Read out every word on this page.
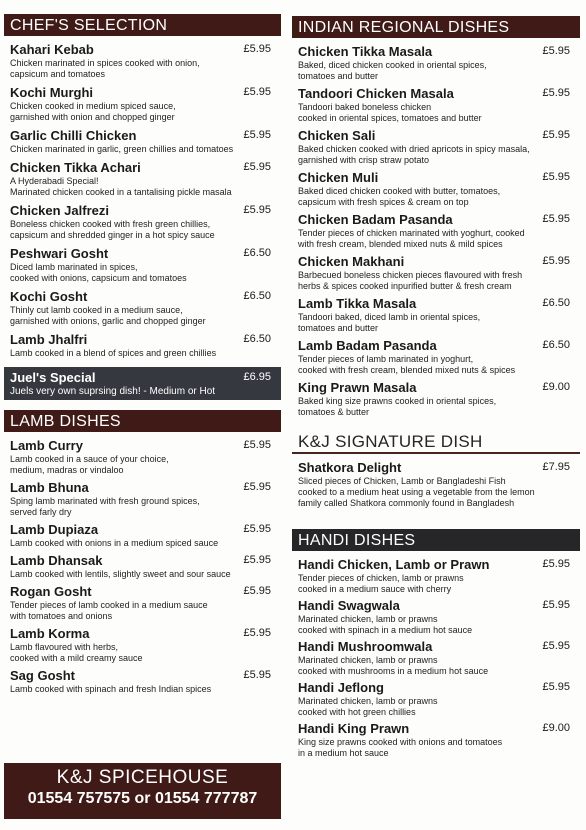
CHEF'S SELECTION
Kahari Kebab	£5.95
Chicken marinated in spices cooked with onion,
capsicum and tomatoes
Kochi Murghi	£5.95
Chicken cooked in medium spiced sauce,
garnished with onion and chopped ginger
Garlic Chilli Chicken	£5.95
Chicken marinated in garlic, green chillies and tomatoes
Chicken Tikka Achari	£5.95
A Hyderabadi Special!
Marinated chicken cooked in a tantalising pickle masala
Chicken Jalfrezi	£5.95
Boneless chicken cooked with fresh green chillies,
capsicum and shredded ginger in a hot spicy sauce
Peshwari Gosht	£6.50
Diced lamb marinated in spices,
cooked with onions, capsicum and tomatoes
Kochi Gosht	£6.50
Thinly cut lamb cooked in a medium sauce,
garnished with onions, garlic and chopped ginger
Lamb Jhalfri	£6.50
Lamb cooked in a blend of spices and green chillies
Juel's Special	£6.95
Juels very own suprsing dish! - Medium or Hot
LAMB DISHES
Lamb Curry	£5.95
Lamb cooked in a sauce of your choice,
medium, madras or vindaloo
Lamb Bhuna	£5.95
Sping lamb marinated with fresh ground spices,
served farly dry
Lamb Dupiaza	£5.95
Lamb cooked with onions in a medium spiced sauce
Lamb Dhansak	£5.95
Lamb cooked with lentils, slightly sweet and sour sauce
Rogan Gosht	£5.95
Tender pieces of lamb cooked in a medium sauce
with tomatoes and onions
Lamb Korma	£5.95
Lamb flavoured with herbs,
cooked with a mild creamy sauce
Sag Gosht	£5.95
Lamb cooked with spinach and fresh Indian spices
K&J SPICEHOUSE
01554 757575 or 01554 777787
INDIAN REGIONAL DISHES
Chicken Tikka Masala	£5.95
Baked, diced chicken cooked in oriental spices,
tomatoes and butter
Tandoori Chicken Masala	£5.95
Tandoori baked boneless chicken
cooked in oriental spices, tomatoes and butter
Chicken Sali	£5.95
Baked chicken cooked with dried apricots in spicy masala,
garnished with crisp straw potato
Chicken Muli	£5.95
Baked diced chicken cooked with butter, tomatoes,
capsicum with fresh spices & cream on top
Chicken Badam Pasanda	£5.95
Tender pieces of chicken marinated with yoghurt, cooked
with fresh cream, blended mixed nuts & mild spices
Chicken Makhani	£5.95
Barbecued boneless chicken pieces flavoured with fresh
herbs & spices cooked inpurified butter & fresh cream
Lamb Tikka Masala	£6.50
Tandoori baked, diced lamb in oriental spices,
tomatoes and butter
Lamb Badam Pasanda	£6.50
Tender pieces of lamb marinated in yoghurt,
cooked with fresh cream, blended mixed nuts & spices
King Prawn Masala	£9.00
Baked king size prawns cooked in oriental spices,
tomatoes & butter
K&J SIGNATURE DISH
Shatkora Delight	£7.95
Sliced pieces of Chicken, Lamb or Bangladeshi Fish
cooked to a medium heat using a vegetable from the lemon
family called Shatkora commonly found in Bangladesh
HANDI DISHES
Handi Chicken, Lamb or Prawn	£5.95
Tender pieces of chicken, lamb or prawns
cooked in a medium sauce with cherry
Handi Swagwala	£5.95
Marinated chicken, lamb or prawns
cooked with spinach in a medium hot sauce
Handi Mushroomwala	£5.95
Marinated chicken, lamb or prawns
cooked with mushrooms in a medium hot sauce
Handi Jeflong	£5.95
Marinated chicken, lamb or prawns
cooked with hot green chillies
Handi King Prawn	£9.00
King size prawns cooked with onions and tomatoes
in a medium hot sauce
